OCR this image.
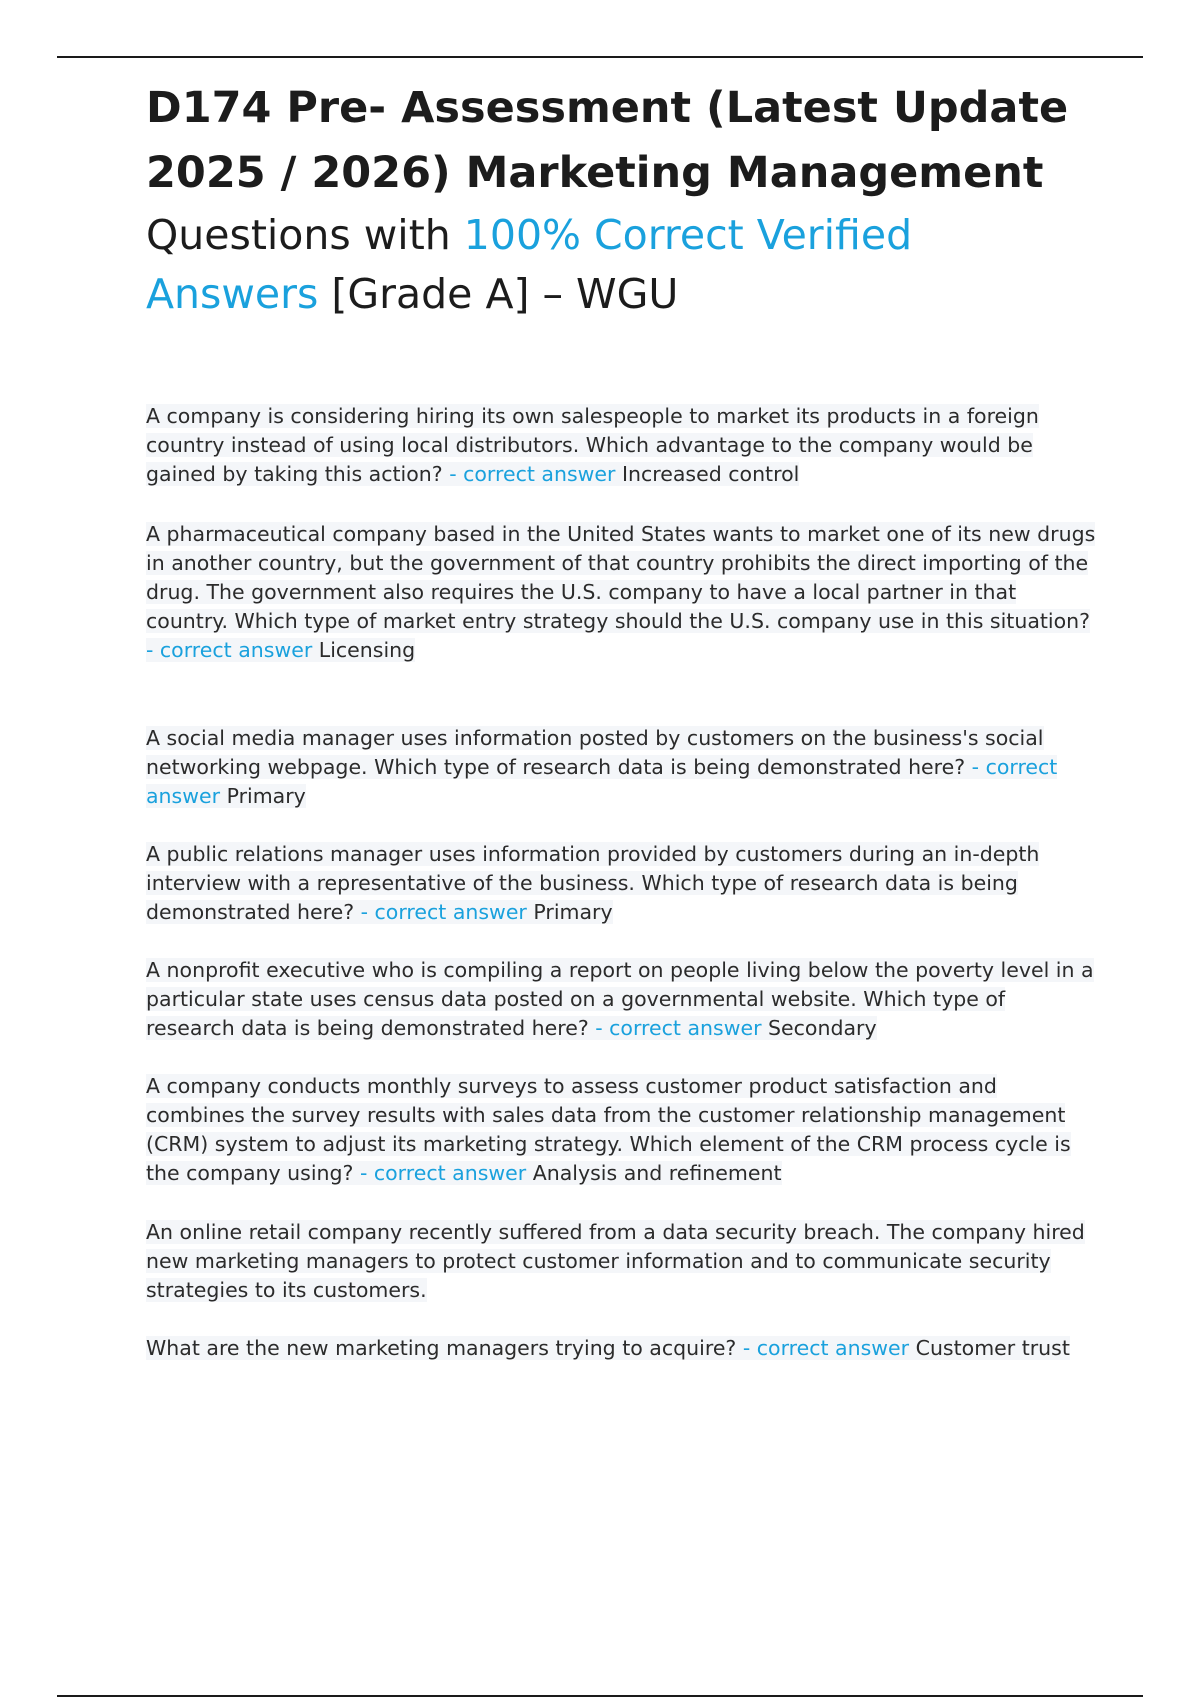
D174 Pre- Assessment (Latest Update
2025 / 2026) Marketing Management
Questions with 100% Correct Verified
Answers [Grade A] – WGU

A company is considering hiring its own salespeople to market its products in a foreign country instead of using local distributors. Which advantage to the company would be gained by taking this action? - correct answer Increased control

A pharmaceutical company based in the United States wants to market one of its new drugs in another country, but the government of that country prohibits the direct importing of the drug. The government also requires the U.S. company to have a local partner in that country. Which type of market entry strategy should the U.S. company use in this situation? - correct answer Licensing

A social media manager uses information posted by customers on the business's social networking webpage. Which type of research data is being demonstrated here? - correct answer Primary

A public relations manager uses information provided by customers during an in-depth interview with a representative of the business. Which type of research data is being demonstrated here? - correct answer Primary

A nonprofit executive who is compiling a report on people living below the poverty level in a particular state uses census data posted on a governmental website. Which type of research data is being demonstrated here? - correct answer Secondary

A company conducts monthly surveys to assess customer product satisfaction and combines the survey results with sales data from the customer relationship management (CRM) system to adjust its marketing strategy. Which element of the CRM process cycle is the company using? - correct answer Analysis and refinement

An online retail company recently suffered from a data security breach. The company hired new marketing managers to protect customer information and to communicate security strategies to its customers.

What are the new marketing managers trying to acquire? - correct answer Customer trust
